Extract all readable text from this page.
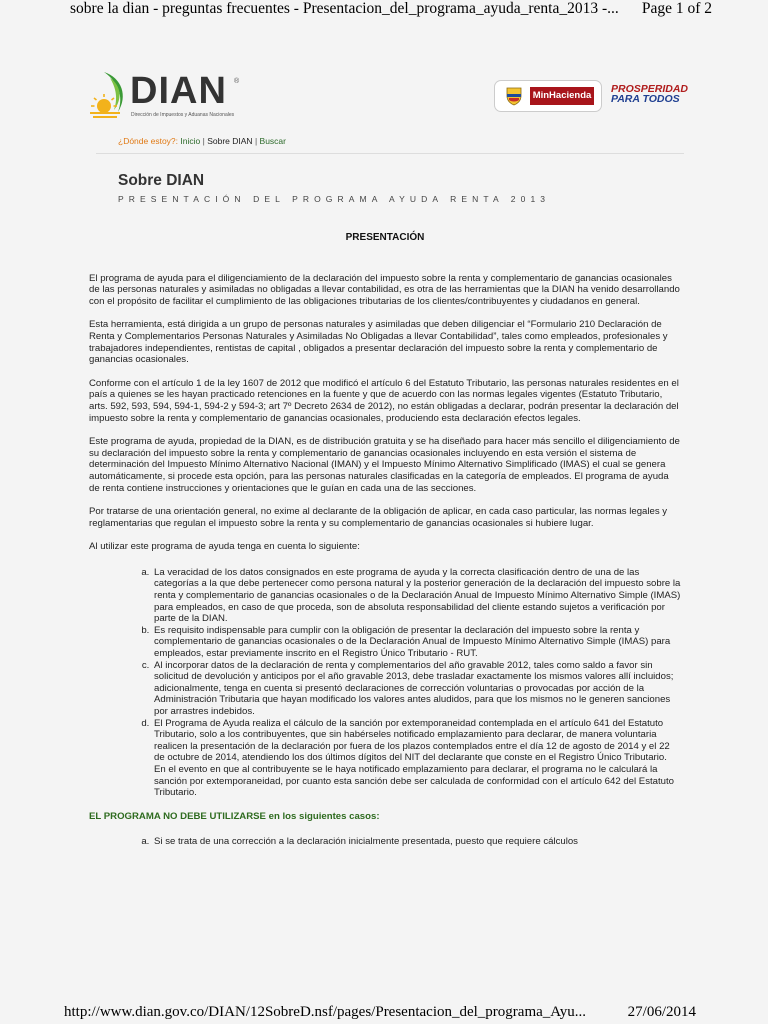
sobre la dian - preguntas frecuentes - Presentacion_del_programa_ayuda_renta_2013 -... Page 1 of 2
DIAN ®
Dirección de Impuestos y Aduanas Nacionales
MinHacienda
PROSPERIDAD
PARA TODOS
¿Dónde estoy?: Inicio | Sobre DIAN | Buscar
Sobre DIAN
PRESENTACIÓN DEL PROGRAMA AYUDA RENTA 2013
PRESENTACIÓN

El programa de ayuda para el diligenciamiento de la declaración del impuesto sobre la renta y complementario de ganancias ocasionales de las personas naturales y asimiladas no obligadas a llevar contabilidad, es otra de las herramientas que la DIAN ha venido desarrollando con el propósito de facilitar el cumplimiento de las obligaciones tributarias de los clientes/contribuyentes y ciudadanos en general.

Esta herramienta, está dirigida a un grupo de personas naturales y asimiladas que deben diligenciar el “Formulario 210 Declaración de Renta y Complementarios Personas Naturales y Asimiladas No Obligadas a llevar Contabilidad”, tales como empleados, profesionales y trabajadores independientes, rentistas de capital , obligados a presentar declaración del impuesto sobre la renta y complementario de ganancias ocasionales.

Conforme con el artículo 1 de la ley 1607 de 2012 que modificó el artículo 6 del Estatuto Tributario, las personas naturales residentes en el país a quienes se les hayan practicado retenciones en la fuente y que de acuerdo con las normas legales vigentes (Estatuto Tributario, arts. 592, 593, 594, 594-1, 594-2 y 594-3; art 7º Decreto 2634 de 2012), no están obligadas a declarar, podrán presentar la declaración del impuesto sobre la renta y complementario de ganancias ocasionales, produciendo esta declaración efectos legales.

Este programa de ayuda, propiedad de la DIAN, es de distribución gratuita y se ha diseñado para hacer más sencillo el diligenciamiento de su declaración del impuesto sobre la renta y complementario de ganancias ocasionales incluyendo en esta versión el sistema de determinación del Impuesto Mínimo Alternativo Nacional (IMAN) y el Impuesto Mínimo Alternativo Simplificado (IMAS) el cual se genera automáticamente, si procede esta opción, para las personas naturales clasificadas en la categoría de empleados. El programa de ayuda de renta contiene instrucciones y orientaciones que le guían en cada una de las secciones.

Por tratarse de una orientación general, no exime al declarante de la obligación de aplicar, en cada caso particular, las normas legales y reglamentarias que regulan el impuesto sobre la renta y su complementario de ganancias ocasionales si hubiere lugar.

Al utilizar este programa de ayuda tenga en cuenta lo siguiente:

a. La veracidad de los datos consignados en este programa de ayuda y la correcta clasificación dentro de una de las categorías a la que debe pertenecer como persona natural y la posterior generación de la declaración del impuesto sobre la renta y complementario de ganancias ocasionales o de la Declaración Anual de Impuesto Mínimo Alternativo Simple (IMAS) para empleados, en caso de que proceda, son de absoluta responsabilidad del cliente estando sujetos a verificación por parte de la DIAN.
b. Es requisito indispensable para cumplir con la obligación de presentar la declaración del impuesto sobre la renta y complementario de ganancias ocasionales o de la Declaración Anual de Impuesto Mínimo Alternativo Simple (IMAS) para empleados, estar previamente inscrito en el Registro Único Tributario - RUT.
c. Al incorporar datos de la declaración de renta y complementarios del año gravable 2012, tales como saldo a favor sin solicitud de devolución y anticipos por el año gravable 2013, debe trasladar exactamente los mismos valores allí incluidos; adicionalmente, tenga en cuenta si presentó declaraciones de corrección voluntarias o provocadas por acción de la Administración Tributaria que hayan modificado los valores antes aludidos, para que los mismos no le generen sanciones por arrastres indebidos.
d. El Programa de Ayuda realiza el cálculo de la sanción por extemporaneidad contemplada en el artículo 641 del Estatuto Tributario, solo a los contribuyentes, que sin habérseles notificado emplazamiento para declarar, de manera voluntaria realicen la presentación de la declaración por fuera de los plazos contemplados entre el día 12 de agosto de 2014 y el 22 de octubre de 2014, atendiendo los dos últimos dígitos del NIT del declarante que conste en el Registro Único Tributario. En el evento en que al contribuyente se le haya notificado emplazamiento para declarar, el programa no le calculará la sanción por extemporaneidad, por cuanto esta sanción debe ser calculada de conformidad con el artículo 642 del Estatuto Tributario.

EL PROGRAMA NO DEBE UTILIZARSE en los siguientes casos:

a. Si se trata de una corrección a la declaración inicialmente presentada, puesto que requiere cálculos
http://www.dian.gov.co/DIAN/12SobreD.nsf/pages/Presentacion_del_programa_Ayu...	27/06/2014
